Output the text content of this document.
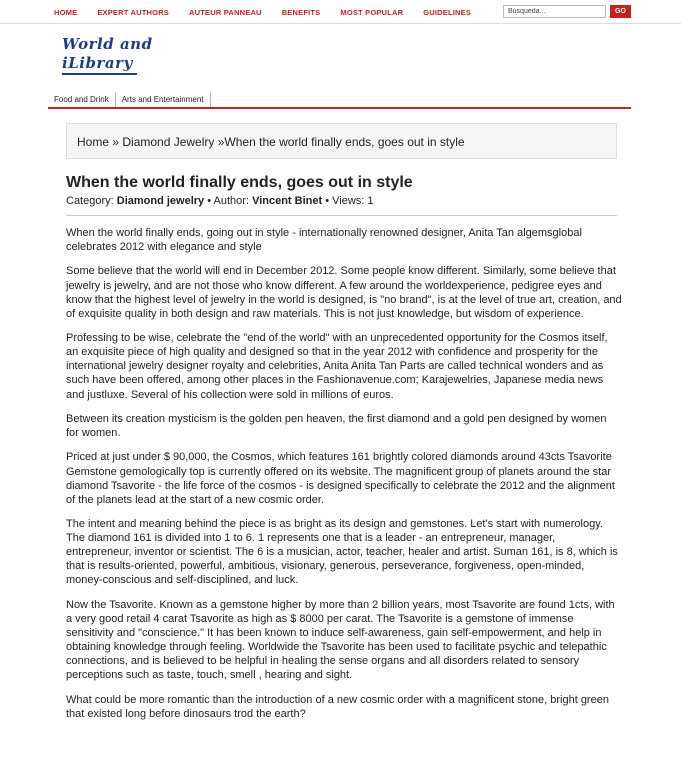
HOME	EXPERT AUTHORS	AUTEUR PANNEAU	BENEFITS	MOST POPULAR	GUIDELINES
Búsqueda...	GO
World and
iLibrary
Food and Drink	Arts and Entertainment
Home » Diamond Jewelry »When the world finally ends, goes out in style
When the world finally ends, goes out in style
Category: Diamond jewelry • Author: Vincent Binet • Views: 1

When the world finally ends, going out in style - internationally renowned designer, Anita Tan algemsglobal celebrates 2012 with elegance and style

Some believe that the world will end in December 2012. Some people know different. Similarly, some believe that jewelry is jewelry, and are not those who know different. A few around the worldexperience, pedigree eyes and know that the highest level of jewelry in the world is designed, is "no brand", is at the level of true art, creation, and of exquisite quality in both design and raw materials. This is not just knowledge, but wisdom of experience.

Professing to be wise, celebrate the "end of the world" with an unprecedented opportunity for the Cosmos itself, an exquisite piece of high quality and designed so that in the year 2012 with confidence and prosperity for the international jewelry designer royalty and celebrities, Anita Anita Tan Parts are called technical wonders and as such have been offered, among other places in the Fashionavenue.com; Karajewelries, Japanese media news and justluxe. Several of his collection were sold in millions of euros.

Between its creation mysticism is the golden pen heaven, the first diamond and a gold pen designed by women for women.

Priced at just under $ 90,000, the Cosmos, which features 161 brightly colored diamonds around 43cts Tsavorite Gemstone gemologically top is currently offered on its website. The magnificent group of planets around the star diamond Tsavorite - the life force of the cosmos - is designed specifically to celebrate the 2012 and the alignment of the planets lead at the start of a new cosmic order.

The intent and meaning behind the piece is as bright as its design and gemstones. Let's start with numerology. The diamond 161 is divided into 1 to 6. 1 represents one that is a leader - an entrepreneur, manager, entrepreneur, inventor or scientist. The 6 is a musician, actor, teacher, healer and artist. Suman 161, is 8, which is that is results-oriented, powerful, ambitious, visionary, generous, perseverance, forgiveness, open-minded, money-conscious and self-disciplined, and luck.

Now the Tsavorite. Known as a gemstone higher by more than 2 billion years, most Tsavorite are found 1cts, with a very good retail 4 carat Tsavorite as high as $ 8000 per carat. The Tsavorite is a gemstone of immense sensitivity and "conscience." It has been known to induce self-awareness, gain self-empowerment, and help in obtaining knowledge through feeling. Worldwide the Tsavorite has been used to facilitate psychic and telepathic connections, and is believed to be helpful in healing the sense organs and all disorders related to sensory perceptions such as taste, touch, smell , hearing and sight.

What could be more romantic than the introduction of a new cosmic order with a magnificent stone, bright green that existed long before dinosaurs trod the earth?
